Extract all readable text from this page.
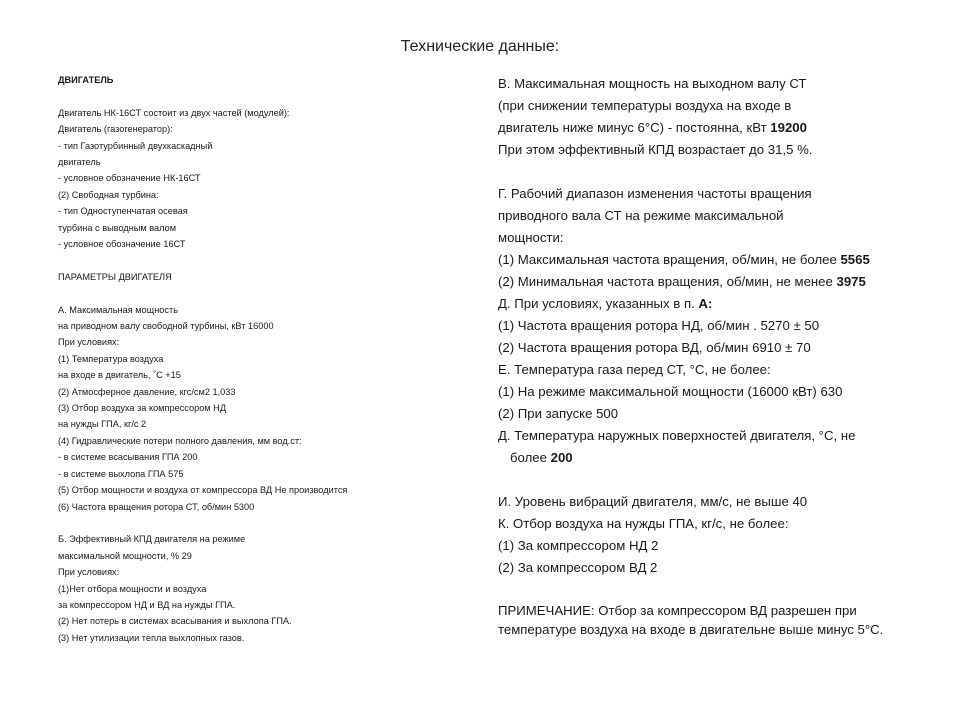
Технические данные:
ДВИГАТЕЛЬ
Двигатель НК-16СТ состоит из двух частей (модулей):
Двигатель (газогенератор):
- тип Газотурбинный двухкаскадный
двигатель
- условное обозначение НК-16СТ
(2) Свободная турбина:
- тип Одноступенчатая осевая
турбина с выводным валом
- условное обозначение 16СТ
ПАРАМЕТРЫ ДВИГАТЕЛЯ
А. Максимальная мощность
на приводном валу свободной турбины, кВт 16000
При условиях:
(1) Температура воздуха
на входе в двигатель, ˚С +15
(2) Атмосферное давление, кгс/см2 1,033
(3) Отбор воздуха за компрессором НД
на нужды ГПА, кг/с 2
(4) Гидравлические потери полного давления, мм вод.ст:
- в системе всасывания ГПА 200
- в системе выхлопа ГПА 575
(5) Отбор мощности и воздуха от компрессора ВД Не производится
(6) Частота вращения ротора СТ, об/мин 5300
Б. Эффективный КПД двигателя на режиме
максимальной мощности, % 29
При условиях:
(1)Нет отбора мощности и воздуха
за компрессором НД и ВД на нужды ГПА.
(2) Нет потерь в системах всасывания и выхлопа ГПА.
(3) Нет утилизации тепла выхлопных газов.
В. Максимальная мощность на выходном валу СТ
(при снижении температуры воздуха на входе в
двигатель ниже минус 6°С) - постоянна, кВт 19200
При этом эффективный КПД возрастает до 31,5 %.
Г. Рабочий диапазон изменения частоты вращения
приводного вала СТ на режиме максимальной
мощности:
(1) Максимальная частота вращения, об/мин, не более 5565
(2) Минимальная частота вращения, об/мин, не менее 3975
Д. При условиях, указанных в п. А:
(1) Частота вращения ротора НД, об/мин . 5270 ± 50
(2) Частота вращения ротора ВД, об/мин 6910 ± 70
Е. Температура газа перед СТ, °С, не более:
(1) На режиме максимальной мощности (16000 кВт) 630
(2) При запуске 500
Д. Температура наружных поверхностей двигателя, °С, не
более 200
И. Уровень вибраций двигателя, мм/с, не выше 40
К. Отбор воздуха на нужды ГПА, кг/с, не более:
(1) За компрессором НД 2
(2) За компрессором ВД 2
ПРИМЕЧАНИЕ: Отбор за компрессором ВД разрешен при
температуре воздуха на входе в двигательне выше минус 5°С.
